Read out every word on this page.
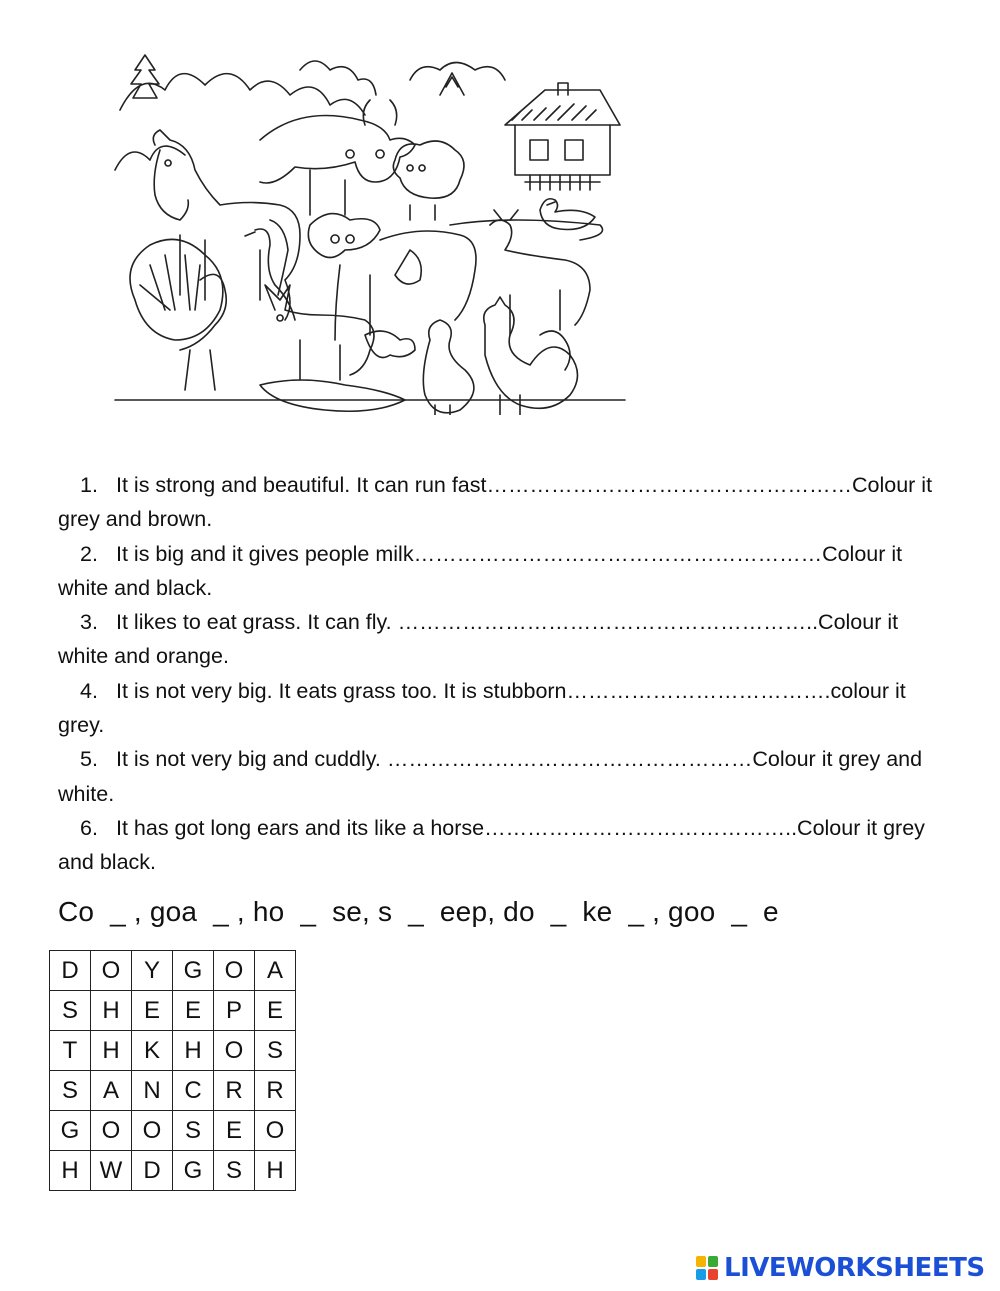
1. It is strong and beautiful. It can run fast……………………………………………Colour it grey and brown.

2. It is big and it gives people milk…………………………………………………Colour it white and black.

3. It likes to eat grass. It can fly. …………………………………………………..Colour it white and orange.

4. It is not very big. It eats grass too. It is stubborn……………………………….colour it grey.

5. It is not very big and cuddly. ……………………………………………Colour it grey and white.

6. It has got long ears and its like a horse……………………………………..Colour it grey and black.

Co  _ , goa  _ , ho  _  se, s  _  eep, do  _  ke  _ , goo  _  e
D	O	Y	G	O	A
S	H	E	E	P	E
T	H	K	H	O	S
S	A	N	C	R	R
G	O	O	S	E	O
H	W	D	G	S	H
LIVEWORKSHEETS
